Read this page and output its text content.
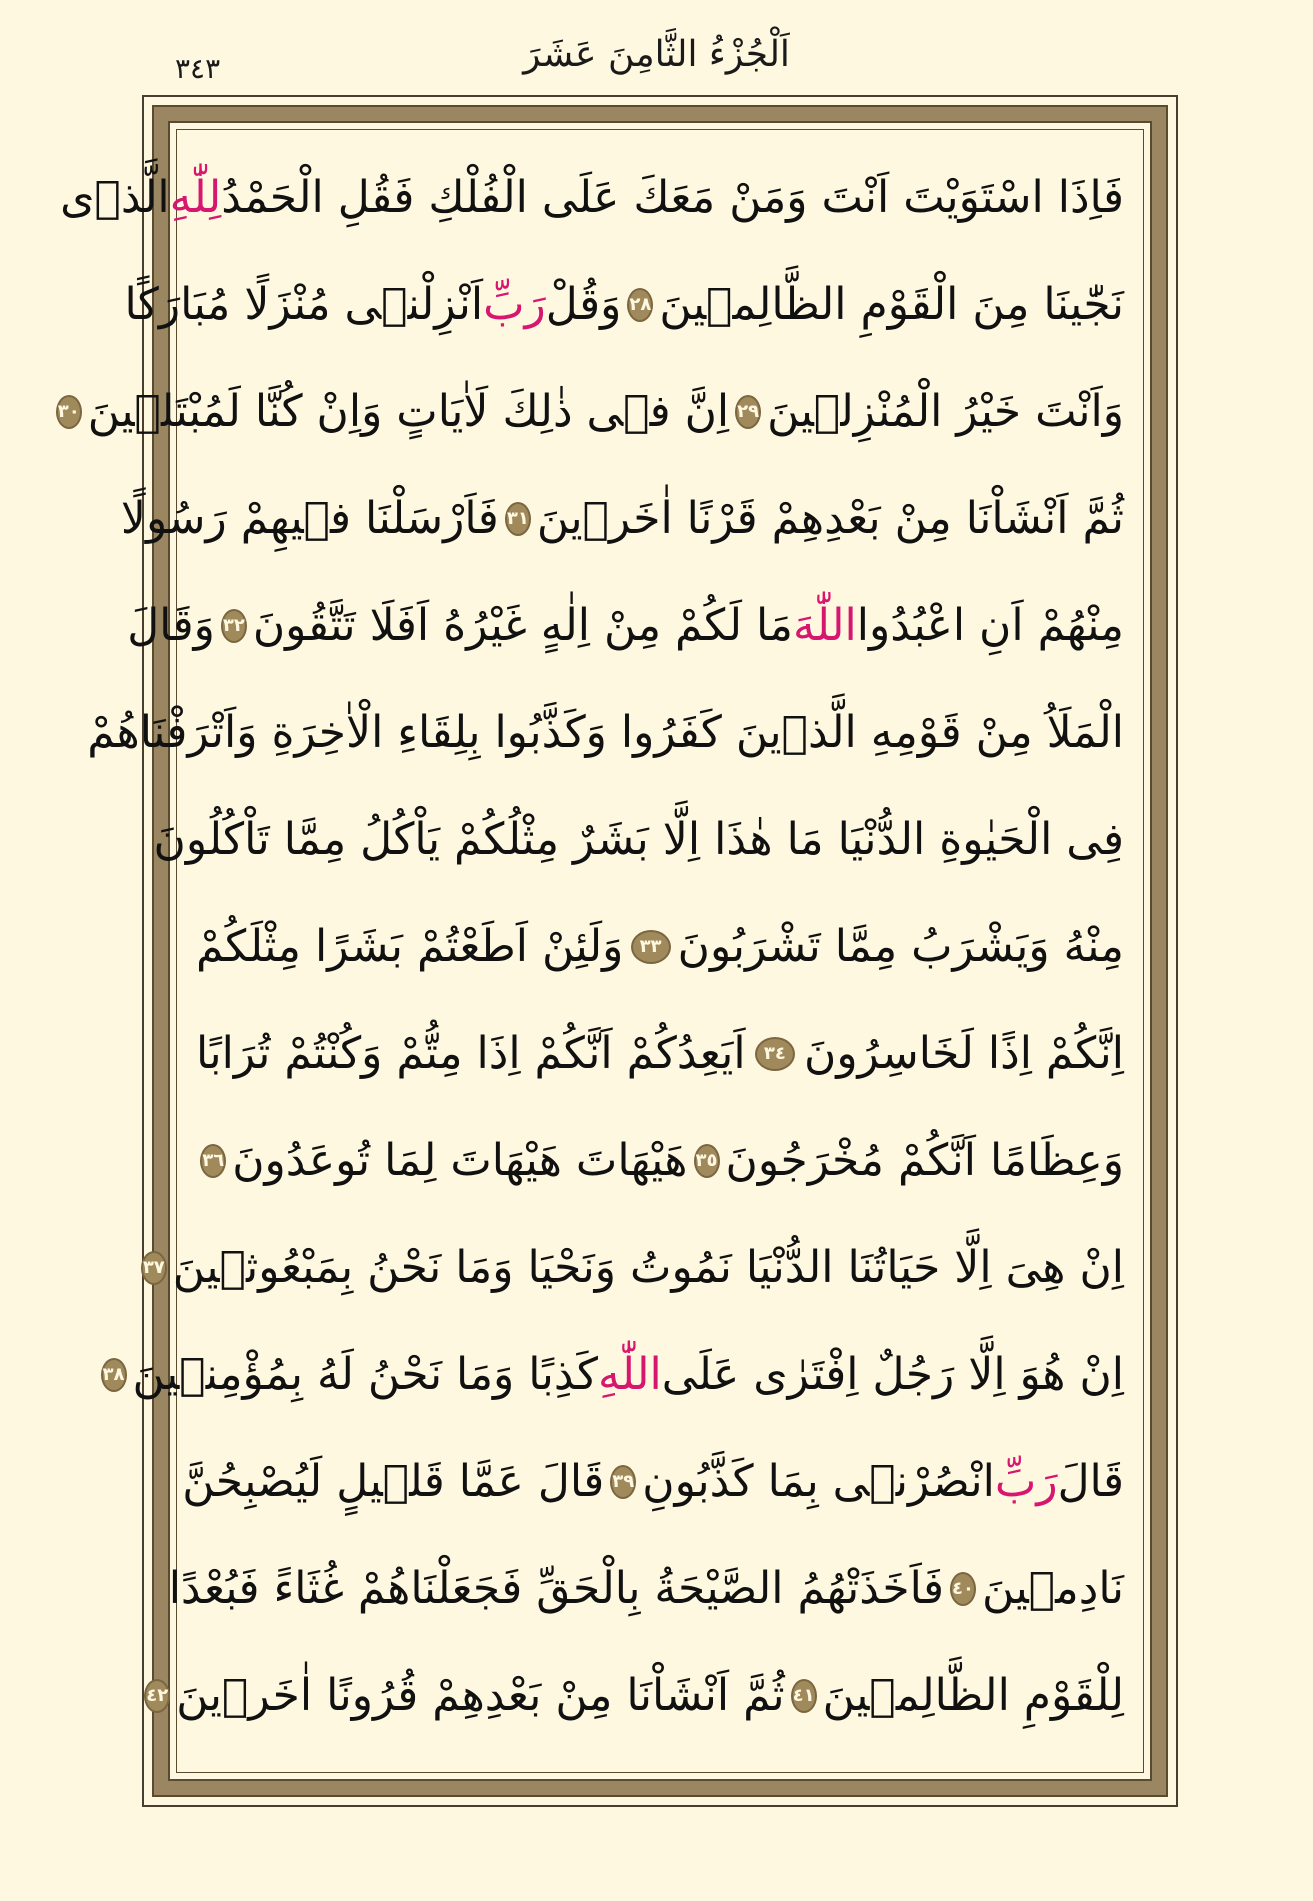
٣٤٣	اَلْجُزْءُ الثَّامِنَ عَشَرَ
فَاِذَا اسْتَوَيْتَ اَنْتَ وَمَنْ مَعَكَ عَلَى الْفُلْكِ فَقُلِ الْحَمْدُ
لِلّٰهِ
الَّذٖى
نَجّٰينَا مِنَ الْقَوْمِ الظَّالِمٖينَ
٢٨
وَقُلْ
رَبِّ
اَنْزِلْنٖى مُنْزَلًا مُبَارَكًا
وَاَنْتَ خَيْرُ الْمُنْزِلٖينَ
٢٩
اِنَّ فٖى ذٰلِكَ لَاٰيَاتٍ وَاِنْ كُنَّا لَمُبْتَلٖينَ
٣٠
ثُمَّ اَنْشَاْنَا مِنْ بَعْدِهِمْ قَرْنًا اٰخَرٖينَ
٣١
فَاَرْسَلْنَا فٖيهِمْ رَسُولًا
مِنْهُمْ اَنِ اعْبُدُوا
اللّٰهَ
مَا لَكُمْ مِنْ اِلٰهٍ غَيْرُهُ اَفَلَا تَتَّقُونَ
٣٢
وَقَالَ
الْمَلَاُ مِنْ قَوْمِهِ الَّذٖينَ كَفَرُوا وَكَذَّبُوا بِلِقَاءِ الْاٰخِرَةِ وَاَتْرَفْنَاهُمْ
فِى الْحَيٰوةِ الدُّنْيَا مَا هٰذَا اِلَّا بَشَرٌ مِثْلُكُمْ يَاْكُلُ مِمَّا تَاْكُلُونَ
مِنْهُ وَيَشْرَبُ مِمَّا تَشْرَبُونَ
٣٣
وَلَئِنْ اَطَعْتُمْ بَشَرًا مِثْلَكُمْ
اِنَّكُمْ اِذًا لَخَاسِرُونَ
٣٤
اَيَعِدُكُمْ اَنَّكُمْ اِذَا مِتُّمْ وَكُنْتُمْ تُرَابًا
وَعِظَامًا اَنَّكُمْ مُخْرَجُونَ
٣٥
هَيْهَاتَ هَيْهَاتَ لِمَا تُوعَدُونَ
٣٦
اِنْ هِىَ اِلَّا حَيَاتُنَا الدُّنْيَا نَمُوتُ وَنَحْيَا وَمَا نَحْنُ بِمَبْعُوثٖينَ
٣٧
اِنْ هُوَ اِلَّا رَجُلٌ اِفْتَرٰى عَلَى
اللّٰهِ
كَذِبًا وَمَا نَحْنُ لَهُ بِمُؤْمِنٖينَ
٣٨
قَالَ
رَبِّ
انْصُرْنٖى بِمَا كَذَّبُونِ
٣٩
قَالَ عَمَّا قَلٖيلٍ لَيُصْبِحُنَّ
نَادِمٖينَ
٤٠
فَاَخَذَتْهُمُ الصَّيْحَةُ بِالْحَقِّ فَجَعَلْنَاهُمْ غُثَاءً فَبُعْدًا
لِلْقَوْمِ الظَّالِمٖينَ
٤١
ثُمَّ اَنْشَاْنَا مِنْ بَعْدِهِمْ قُرُونًا اٰخَرٖينَ
٤٢
